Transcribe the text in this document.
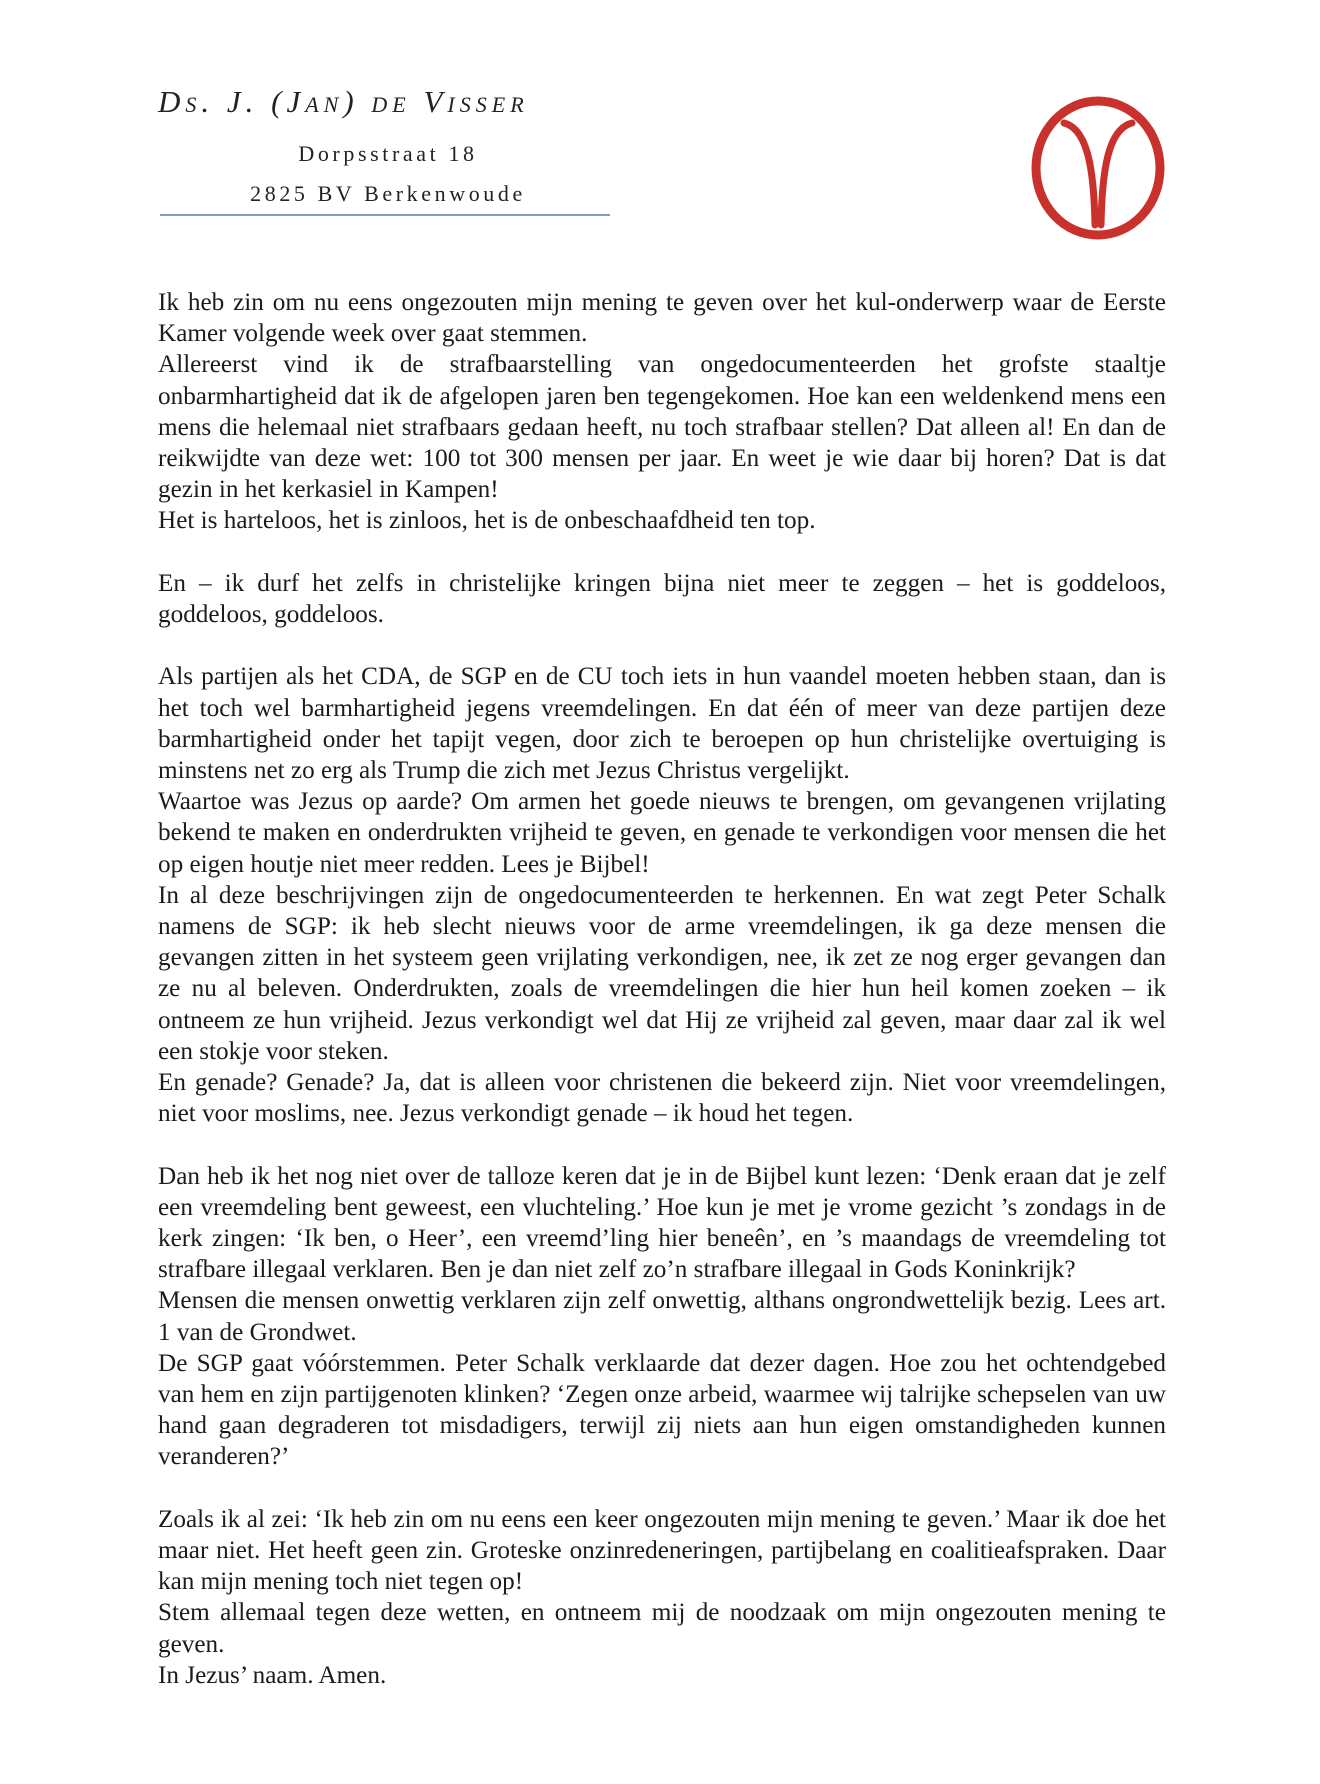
Ds. J. (Jan) de Visser
Dorpsstraat 18
2825 BV Berkenwoude

Ik heb zin om nu eens ongezouten mijn mening te geven over het kul-onderwerp waar de Eerste Kamer volgende week over gaat stemmen.

Allereerst vind ik de strafbaarstelling van ongedocumenteerden het grofste staaltje onbarmhartigheid dat ik de afgelopen jaren ben tegengekomen. Hoe kan een weldenkend mens een mens die helemaal niet strafbaars gedaan heeft, nu toch strafbaar stellen? Dat alleen al! En dan de reikwijdte van deze wet: 100 tot 300 mensen per jaar. En weet je wie daar bij horen? Dat is dat gezin in het kerkasiel in Kampen!

Het is harteloos, het is zinloos, het is de onbeschaafdheid ten top.

En – ik durf het zelfs in christelijke kringen bijna niet meer te zeggen – het is goddeloos, goddeloos, goddeloos.

Als partijen als het CDA, de SGP en de CU toch iets in hun vaandel moeten hebben staan, dan is het toch wel barmhartigheid jegens vreemdelingen. En dat één of meer van deze partijen deze barmhartigheid onder het tapijt vegen, door zich te beroepen op hun christelijke overtuiging is minstens net zo erg als Trump die zich met Jezus Christus vergelijkt.

Waartoe was Jezus op aarde? Om armen het goede nieuws te brengen, om gevangenen vrijlating bekend te maken en onderdrukten vrijheid te geven, en genade te verkondigen voor mensen die het op eigen houtje niet meer redden. Lees je Bijbel!

In al deze beschrijvingen zijn de ongedocumenteerden te herkennen. En wat zegt Peter Schalk namens de SGP: ik heb slecht nieuws voor de arme vreemdelingen, ik ga deze mensen die gevangen zitten in het systeem geen vrijlating verkondigen, nee, ik zet ze nog erger gevangen dan ze nu al beleven. Onderdrukten, zoals de vreemdelingen die hier hun heil komen zoeken – ik ontneem ze hun vrijheid. Jezus verkondigt wel dat Hij ze vrijheid zal geven, maar daar zal ik wel een stokje voor steken.

En genade? Genade? Ja, dat is alleen voor christenen die bekeerd zijn. Niet voor vreemdelingen, niet voor moslims, nee. Jezus verkondigt genade – ik houd het tegen.

Dan heb ik het nog niet over de talloze keren dat je in de Bijbel kunt lezen: ‘Denk eraan dat je zelf een vreemdeling bent geweest, een vluchteling.’ Hoe kun je met je vrome gezicht ’s zondags in de kerk zingen: ‘Ik ben, o Heer’, een vreemd’ling hier beneên’, en ’s maandags de vreemdeling tot strafbare illegaal verklaren. Ben je dan niet zelf zo’n strafbare illegaal in Gods Koninkrijk?

Mensen die mensen onwettig verklaren zijn zelf onwettig, althans ongrondwettelijk bezig. Lees art. 1 van de Grondwet.

De SGP gaat vóórstemmen. Peter Schalk verklaarde dat dezer dagen. Hoe zou het ochtendgebed van hem en zijn partijgenoten klinken? ‘Zegen onze arbeid, waarmee wij talrijke schepselen van uw hand gaan degraderen tot misdadigers, terwijl zij niets aan hun eigen omstandigheden kunnen veranderen?’

Zoals ik al zei: ‘Ik heb zin om nu eens een keer ongezouten mijn mening te geven.’ Maar ik doe het maar niet. Het heeft geen zin. Groteske onzinredeneringen, partijbelang en coalitieafspraken. Daar kan mijn mening toch niet tegen op!

Stem allemaal tegen deze wetten, en ontneem mij de noodzaak om mijn ongezouten mening te geven.

In Jezus’ naam. Amen.
